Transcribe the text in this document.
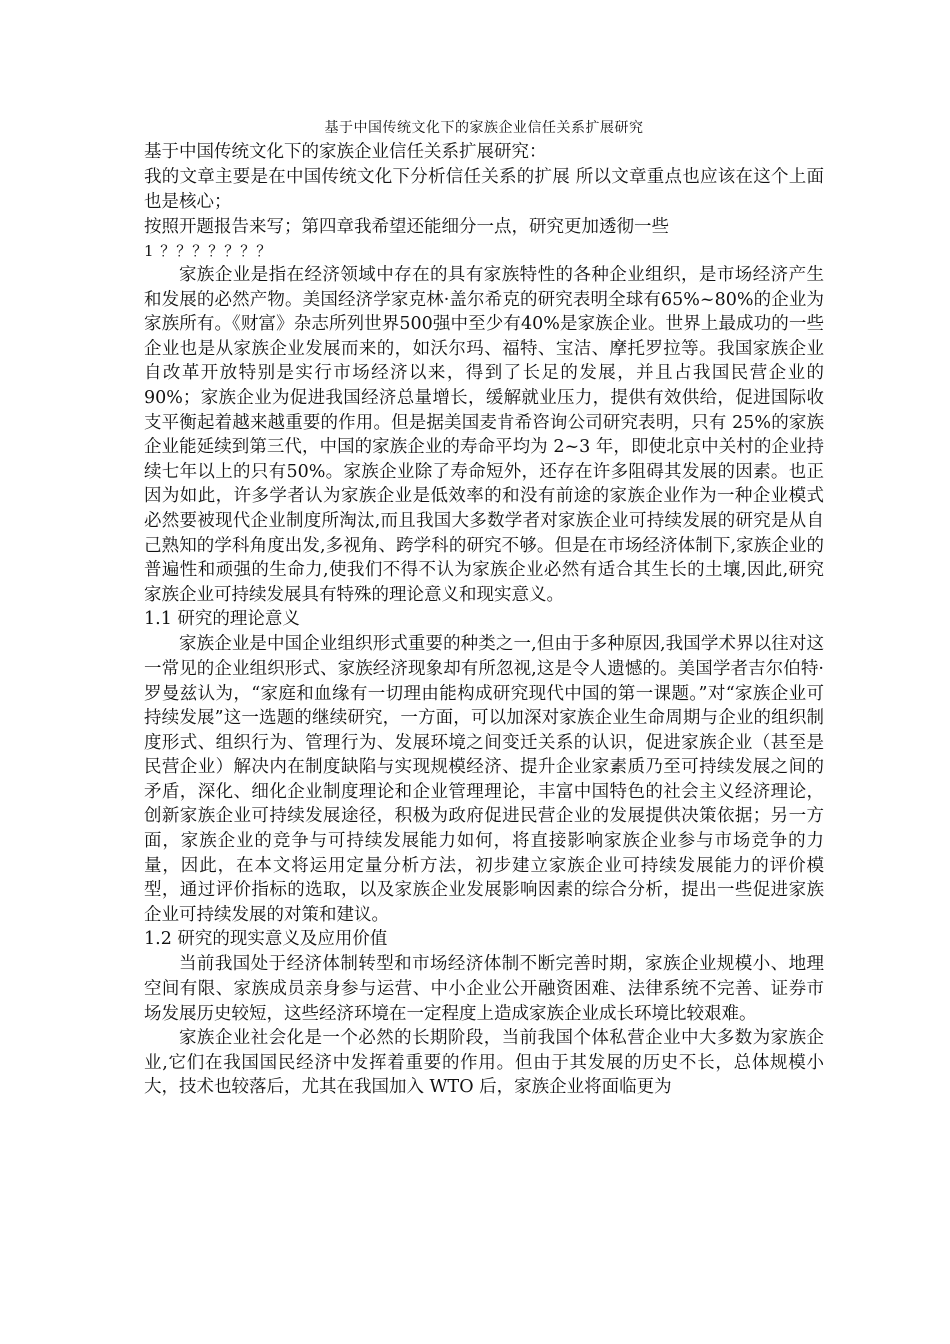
基于中国传统文化下的家族企业信任关系扩展研究

基于中国传统文化下的家族企业信任关系扩展研究：

我的文章主要是在中国传统文化下分析信任关系的扩展 所以文章重点也应该在这个上面 也是核心；

按照开题报告来写；第四章我希望还能细分一点，研究更加透彻一些

1 ？？？？？？？

家族企业是指在经济领域中存在的具有家族特性的各种企业组织，是市场经济产生和发展的必然产物。美国经济学家克林·盖尔希克的研究表明全球有65%~80%的企业为家族所有。《财富》杂志所列世界500强中至少有40%是家族企业。世界上最成功的一些企业也是从家族企业发展而来的，如沃尔玛、福特、宝洁、摩托罗拉等。我国家族企业自改革开放特别是实行市场经济以来，得到了长足的发展，并且占我国民营企业的 90%；家族企业为促进我国经济总量增长，缓解就业压力，提供有效供给，促进国际收支平衡起着越来越重要的作用。但是据美国麦肯希咨询公司研究表明，只有 25%的家族企业能延续到第三代，中国的家族企业的寿命平均为 2~3 年，即使北京中关村的企业持续七年以上的只有50%。家族企业除了寿命短外，还存在许多阻碍其发展的因素。也正因为如此，许多学者认为家族企业是低效率的和没有前途的家族企业作为一种企业模式必然要被现代企业制度所淘汰,而且我国大多数学者对家族企业可持续发展的研究是从自己熟知的学科角度出发,多视角、跨学科的研究不够。但是在市场经济体制下,家族企业的普遍性和顽强的生命力,使我们不得不认为家族企业必然有适合其生长的土壤,因此,研究家族企业可持续发展具有特殊的理论意义和现实意义。

1.1 研究的理论意义

家族企业是中国企业组织形式重要的种类之一,但由于多种原因,我国学术界以往对这一常见的企业组织形式、家族经济现象却有所忽视,这是令人遗憾的。美国学者吉尔伯特·罗曼兹认为，“家庭和血缘有一切理由能构成研究现代中国的第一课题。”对“家族企业可持续发展”这一选题的继续研究，一方面，可以加深对家族企业生命周期与企业的组织制度形式、组织行为、管理行为、发展环境之间变迁关系的认识，促进家族企业（甚至是民营企业）解决内在制度缺陷与实现规模经济、提升企业家素质乃至可持续发展之间的矛盾，深化、细化企业制度理论和企业管理理论，丰富中国特色的社会主义经济理论，创新家族企业可持续发展途径，积极为政府促进民营企业的发展提供决策依据；另一方面，家族企业的竞争与可持续发展能力如何，将直接影响家族企业参与市场竞争的力量，因此，在本文将运用定量分析方法，初步建立家族企业可持续发展能力的评价模型，通过评价指标的选取，以及家族企业发展影响因素的综合分析，提出一些促进家族企业可持续发展的对策和建议。

1.2 研究的现实意义及应用价值

当前我国处于经济体制转型和市场经济体制不断完善时期，家族企业规模小、地理空间有限、家族成员亲身参与运营、中小企业公开融资困难、法律系统不完善、证券市场发展历史较短，这些经济环境在一定程度上造成家族企业成长环境比较艰难。

家族企业社会化是一个必然的长期阶段，当前我国个体私营企业中大多数为家族企业,它们在我国国民经济中发挥着重要的作用。但由于其发展的历史不长，总体规模小大，技术也较落后，尤其在我国加入 WTO 后，家族企业将面临更为
